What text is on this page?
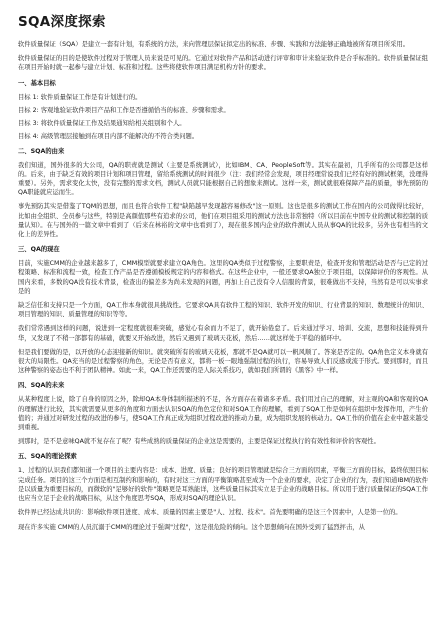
SQA深度探索

软件质量保证（SQA）是建立一套有计划，有系统的方法，来向管理层保证拟定出的标准、步骤、实践和方法能够正确地被所有项目所采用。

软件质量保证的目的是使软件过程对于管理人员来说是可见的。它通过对软件产品和活动进行评审和审计来验证软件是合乎标准的。软件质量保证组在项目开始时就一起参与建立计划、标准和过程。这些将使软件项目满足机构方针的要求。

一、基本目标
目标 1: 软件质量保证工作是有计划进行的。
目标 2: 客观地验证软件项目产品和工作是否遵循恰当的标准、步骤和需求。
目标 3: 将软件质量保证工作及结果通知给相关组别和个人。
目标 4: 高级管理层接触到在项目内部不能解决的不符合类问题。
二、SQA的由来

我们知道，国外很多的大公司，QA的职责就是测试（主要是系统测试），比如IBM、CA、PeopleSoft等。其实在最初，几乎所有的公司都是这样的。后来，由于缺乏有效的项目计划和项目管理，留给系统测试的时间很少（注：我们经常会发现，项目经理常说我们已经有好的测试框架，没理得重要）。另外，需求变化太快，没有完整的需求文档，测试人员就只能根据自己的想象来测试。这样一来，测试就很难保障产品的质量，事先预防的QA职能就应运而生。

事先预防其实是借鉴了TQM的思想，而且也符合软件工程"缺陷越早发现越容易修改"这一原则。这也是很多的测试工作在国内的公司做得比较好，比如由全组织、全员参与这些，特别是高颜值那些有追求的公司，他们在项目组采用的测试方法也非常独特（所以目前在中国专业的测试和控制的质量认知）。在与国外的一篇文章中看到了（后来在林裕的文章中也看到了），现在很多国内企业的软件测试人员从事QA的比较多，另外也有相当的文化上的差异性。

三、QA的现在

目前，实施CMM的企业越来越多了，CMM模型就要求建立QA角色。这里的QA类似于过程警察，主要职责是，检查开发和管理活动是否与已定的过程策略、标准和流程一致，检查工作产品是否遵循模板规定的内容和格式。在这些企业中，一般还要求QA独立于项目组，以保障评价的客观性。从国内来看，多数的QA没有技术背景，检查出的偏差多为尚未发现的问题，再加上自己没有令人信服的背景，很难做出不支持，当然有是可以实事求是的

缺乏信任和支持只是一个方面，QA工作本身就很具挑战性。它要求QA具有软件工程的知识、软件开发的知识、行业背景的知识、数理统计的知识、项目管理的知识、质量管理的知识等等。

我们常常遇到这样的问题，说进到一定程度就很难突破，感觉心有余而力不足了，就开始倦怠了。后来通过学习、培训、交流，思想和技能得到升华，又发现了不稍一部都有的基础，就要又开始改进，然后又遇到了玻璃天花板，然后……就这样处于平稳的循环中。

但是我们要做的是，以开放的心态迎接新的知识。就突破所有的玻璃天花板，那就不是QA就可以一帆风顺了。答案是否定的。QA角色定义本身就有很大的局限性。QA充当的是过程警察的角色，无论是否有意义，都将一板一眼地强制过程的执行，容易导致人们反感或流于形式。要到那时，而且这种警察的姿态也不利于团队精神。如此一来，QA工作还需要的是人际关系技巧，就如我们所谓的《黑客》中一样。

四、SQA的未来

从某种程度上说，除了自身的原因之外，除却QA本身体制所描述的不足，各方面存在着诸多矛盾。我们用过自己的理解，对主观的QA和客观的QA的理解进行比较，其实就需要从更多的角度和方面去认识SQA的角色定位和对SQA工作的理解，看到了SQA工作是如何在组织中发挥作用，产生价值的；并通过对研发过程的改进的参与，使SQA工作真正成为组织过程改进的推动力量，成为组织发展的核动力。QA工作的价值在企业中越来越受到重视。

到那时，是不是意味QA就不复存在了呢？有些成熟的质量保证的企业这是需要的，主要是保证过程执行的有效性和评价的客观性。

五、SQA的理论探索

1、过程的认识我们都知道一个项目的主要内容是：成本、进度、质量；良好的项目管理就是综合三方面的因素，平衡三方面的目标，最终依照目标完成任务。项目的这三个方面是相互制约和影响的，有时对这三方面的平衡策略甚至成为一个企业的要求，决定了企业的行为，我们知道IBM的软件是以质量为重要目标的，而微软的"足够好的软件"策略更是耳熟能详，这些质量目标其实立足于企业的战略目标。所以用于进行质量保证的SQA工作也应当立足于企业的战略目标，从这个角度思考SQA，形成对SQA的理论认识。

软件界已经达成共识的：影响软件项目进度、成本、质量的因素主要是"人、过程、技术"。首先要明确的是这三个因素中，人是第一位的。

现在许多实施 CMM的人员沉溺于CMM的理论过于强调"过程"，这是很危险的倾向。这个思想倾向在国外受到了猛烈抨击，从
